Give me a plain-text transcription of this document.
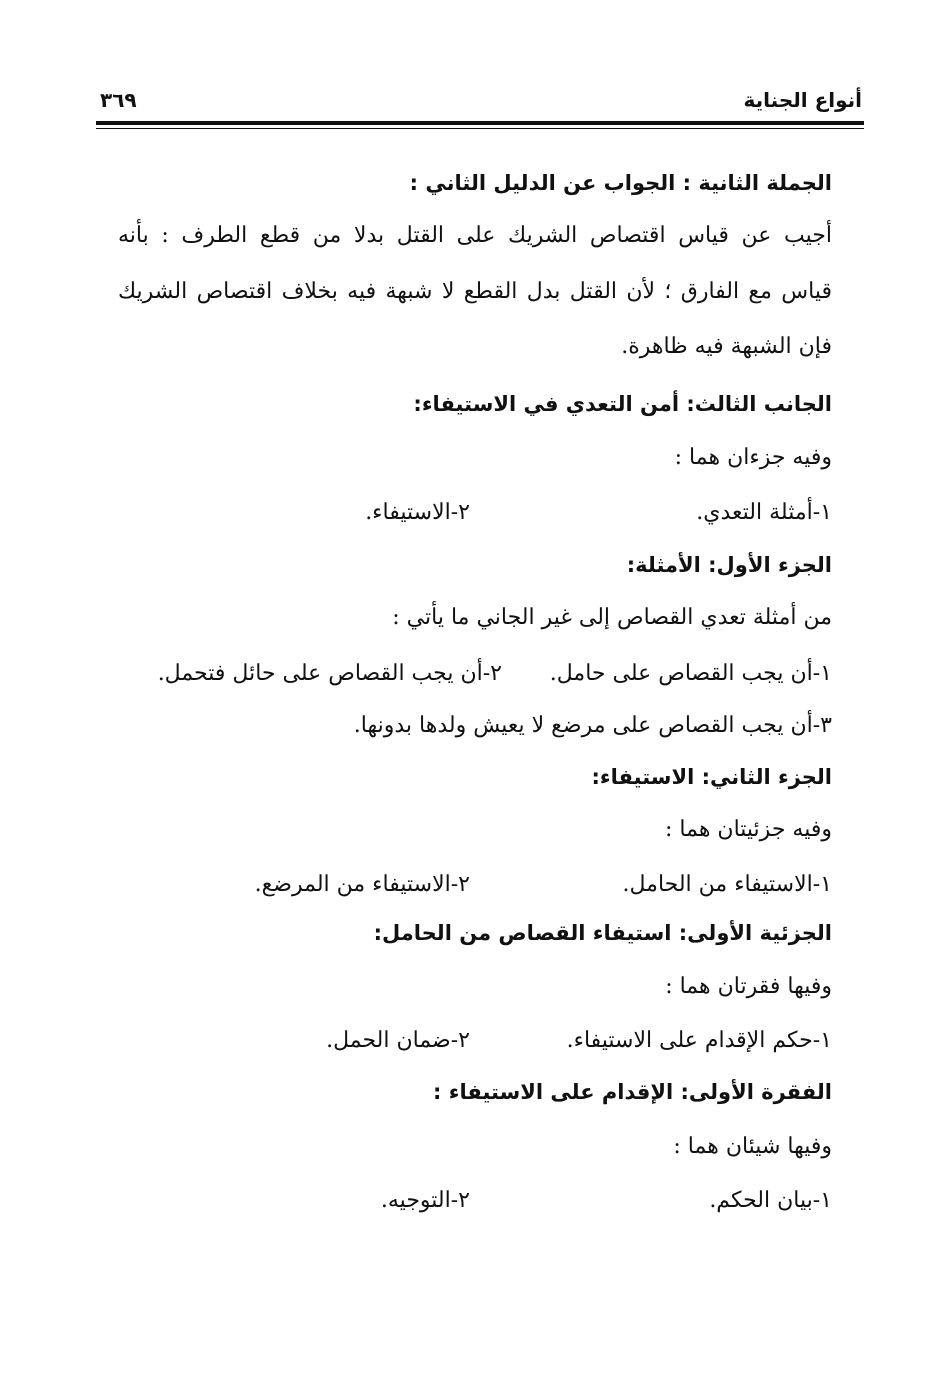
أنواع الجناية
٣٦٩
الجملة الثانية : الجواب عن الدليل الثاني :
أجيب عن قياس اقتصاص الشريك على القتل بدلا من قطع الطرف : بأنه
قياس مع الفارق ؛ لأن القتل بدل القطع لا شبهة فيه بخلاف اقتصاص الشريك
فإن الشبهة فيه ظاهرة.
الجانب الثالث: أمن التعدي في الاستيفاء:
وفيه جزءان هما :
١-أمثلة التعدي.
٢-الاستيفاء.
الجزء الأول: الأمثلة:
من أمثلة تعدي القصاص إلى غير الجاني ما يأتي :
١-أن يجب القصاص على حامل.
٢-أن يجب القصاص على حائل فتحمل.
٣-أن يجب القصاص على مرضع لا يعيش ولدها بدونها.
الجزء الثاني: الاستيفاء:
وفيه جزئيتان هما :
١-الاستيفاء من الحامل.
٢-الاستيفاء من المرضع.
الجزئية الأولى: استيفاء القصاص من الحامل:
وفيها فقرتان هما :
١-حكم الإقدام على الاستيفاء.
٢-ضمان الحمل.
الفقرة الأولى: الإقدام على الاستيفاء :
وفيها شيئان هما :
١-بيان الحكم.
٢-التوجيه.
